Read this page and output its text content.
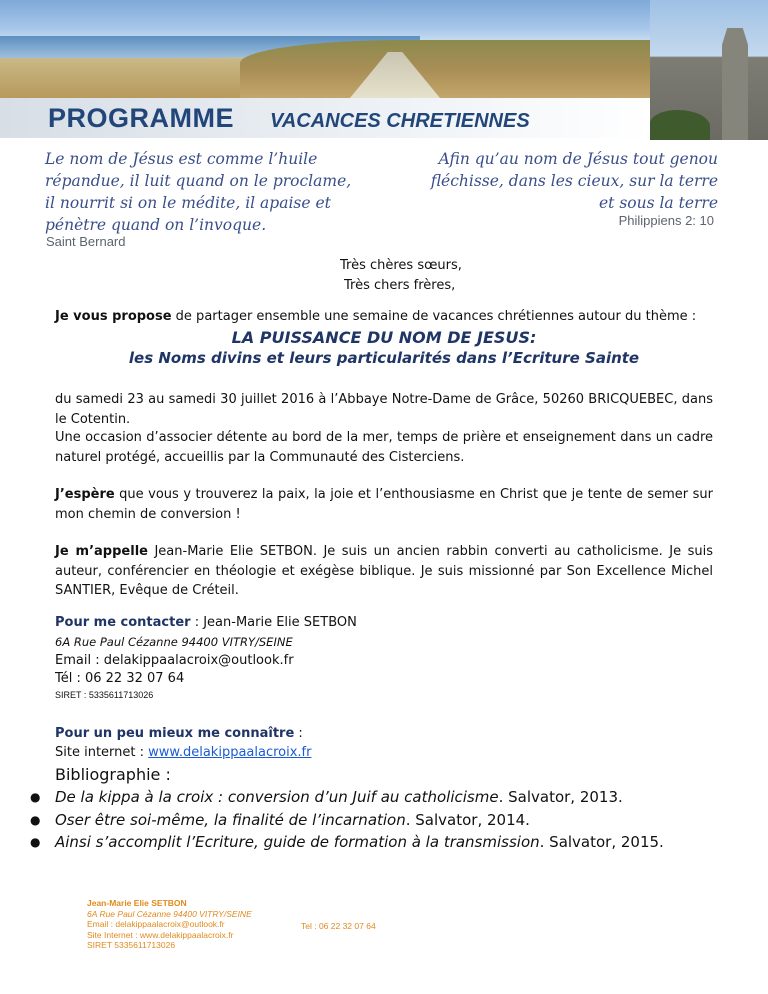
PROGRAMME VACANCES CHRETIENNES

Le nom de Jésus est comme l’huile répandue, il luit quand on le proclame, il nourrit si on le médite, il apaise et pénètre quand on l’invoque.

Saint Bernard

Afin qu’au nom de Jésus tout genou fléchisse, dans les cieux, sur la terre et sous la terre

Philippiens 2: 10

Très chères sœurs,

Très chers frères,

Je vous propose de partager ensemble une semaine de vacances chrétiennes autour du thème :

LA PUISSANCE DU NOM DE JESUS:

les Noms divins et leurs particularités dans l’Ecriture Sainte

du samedi 23 au samedi 30 juillet 2016 à l’Abbaye Notre-Dame de Grâce, 50260 BRICQUEBEC, dans le Cotentin.

Une occasion d’associer détente au bord de la mer, temps de prière et enseignement dans un cadre naturel protégé, accueillis par la Communauté des Cisterciens.

J’espère que vous y trouverez la paix, la joie et l’enthousiasme en Christ que je tente de semer sur mon chemin de conversion !

Je m’appelle Jean-Marie Elie SETBON. Je suis un ancien rabbin converti au catholicisme. Je suis auteur, conférencier en théologie et exégèse biblique. Je suis missionné par Son Excellence Michel SANTIER, Evêque de Créteil.

Pour me contacter : Jean-Marie Elie SETBON

6A Rue Paul Cézanne 94400 VITRY/SEINE

Email : delakippaalacroix@outlook.fr

Tél : 06 22 32 07 64

SIRET : 5335611713026

Pour un peu mieux me connaître :

Site internet : www.delakippaalacroix.fr

Bibliographie :

● De la kippa à la croix : conversion d’un Juif au catholicisme. Salvator, 2013.
● Oser être soi-même, la finalité de l’incarnation. Salvator, 2014.
● Ainsi s’accomplit l’Ecriture, guide de formation à la transmission. Salvator, 2015.
Jean-Marie Elie SETBON
6A Rue Paul Cézanne 94400 VITRY/SEINE
Email : delakippaalacroix@outlook.fr
Site Internet : www.delakippaalacroix.fr
SIRET 5335611713026

Tel : 06 22 32 07 64
